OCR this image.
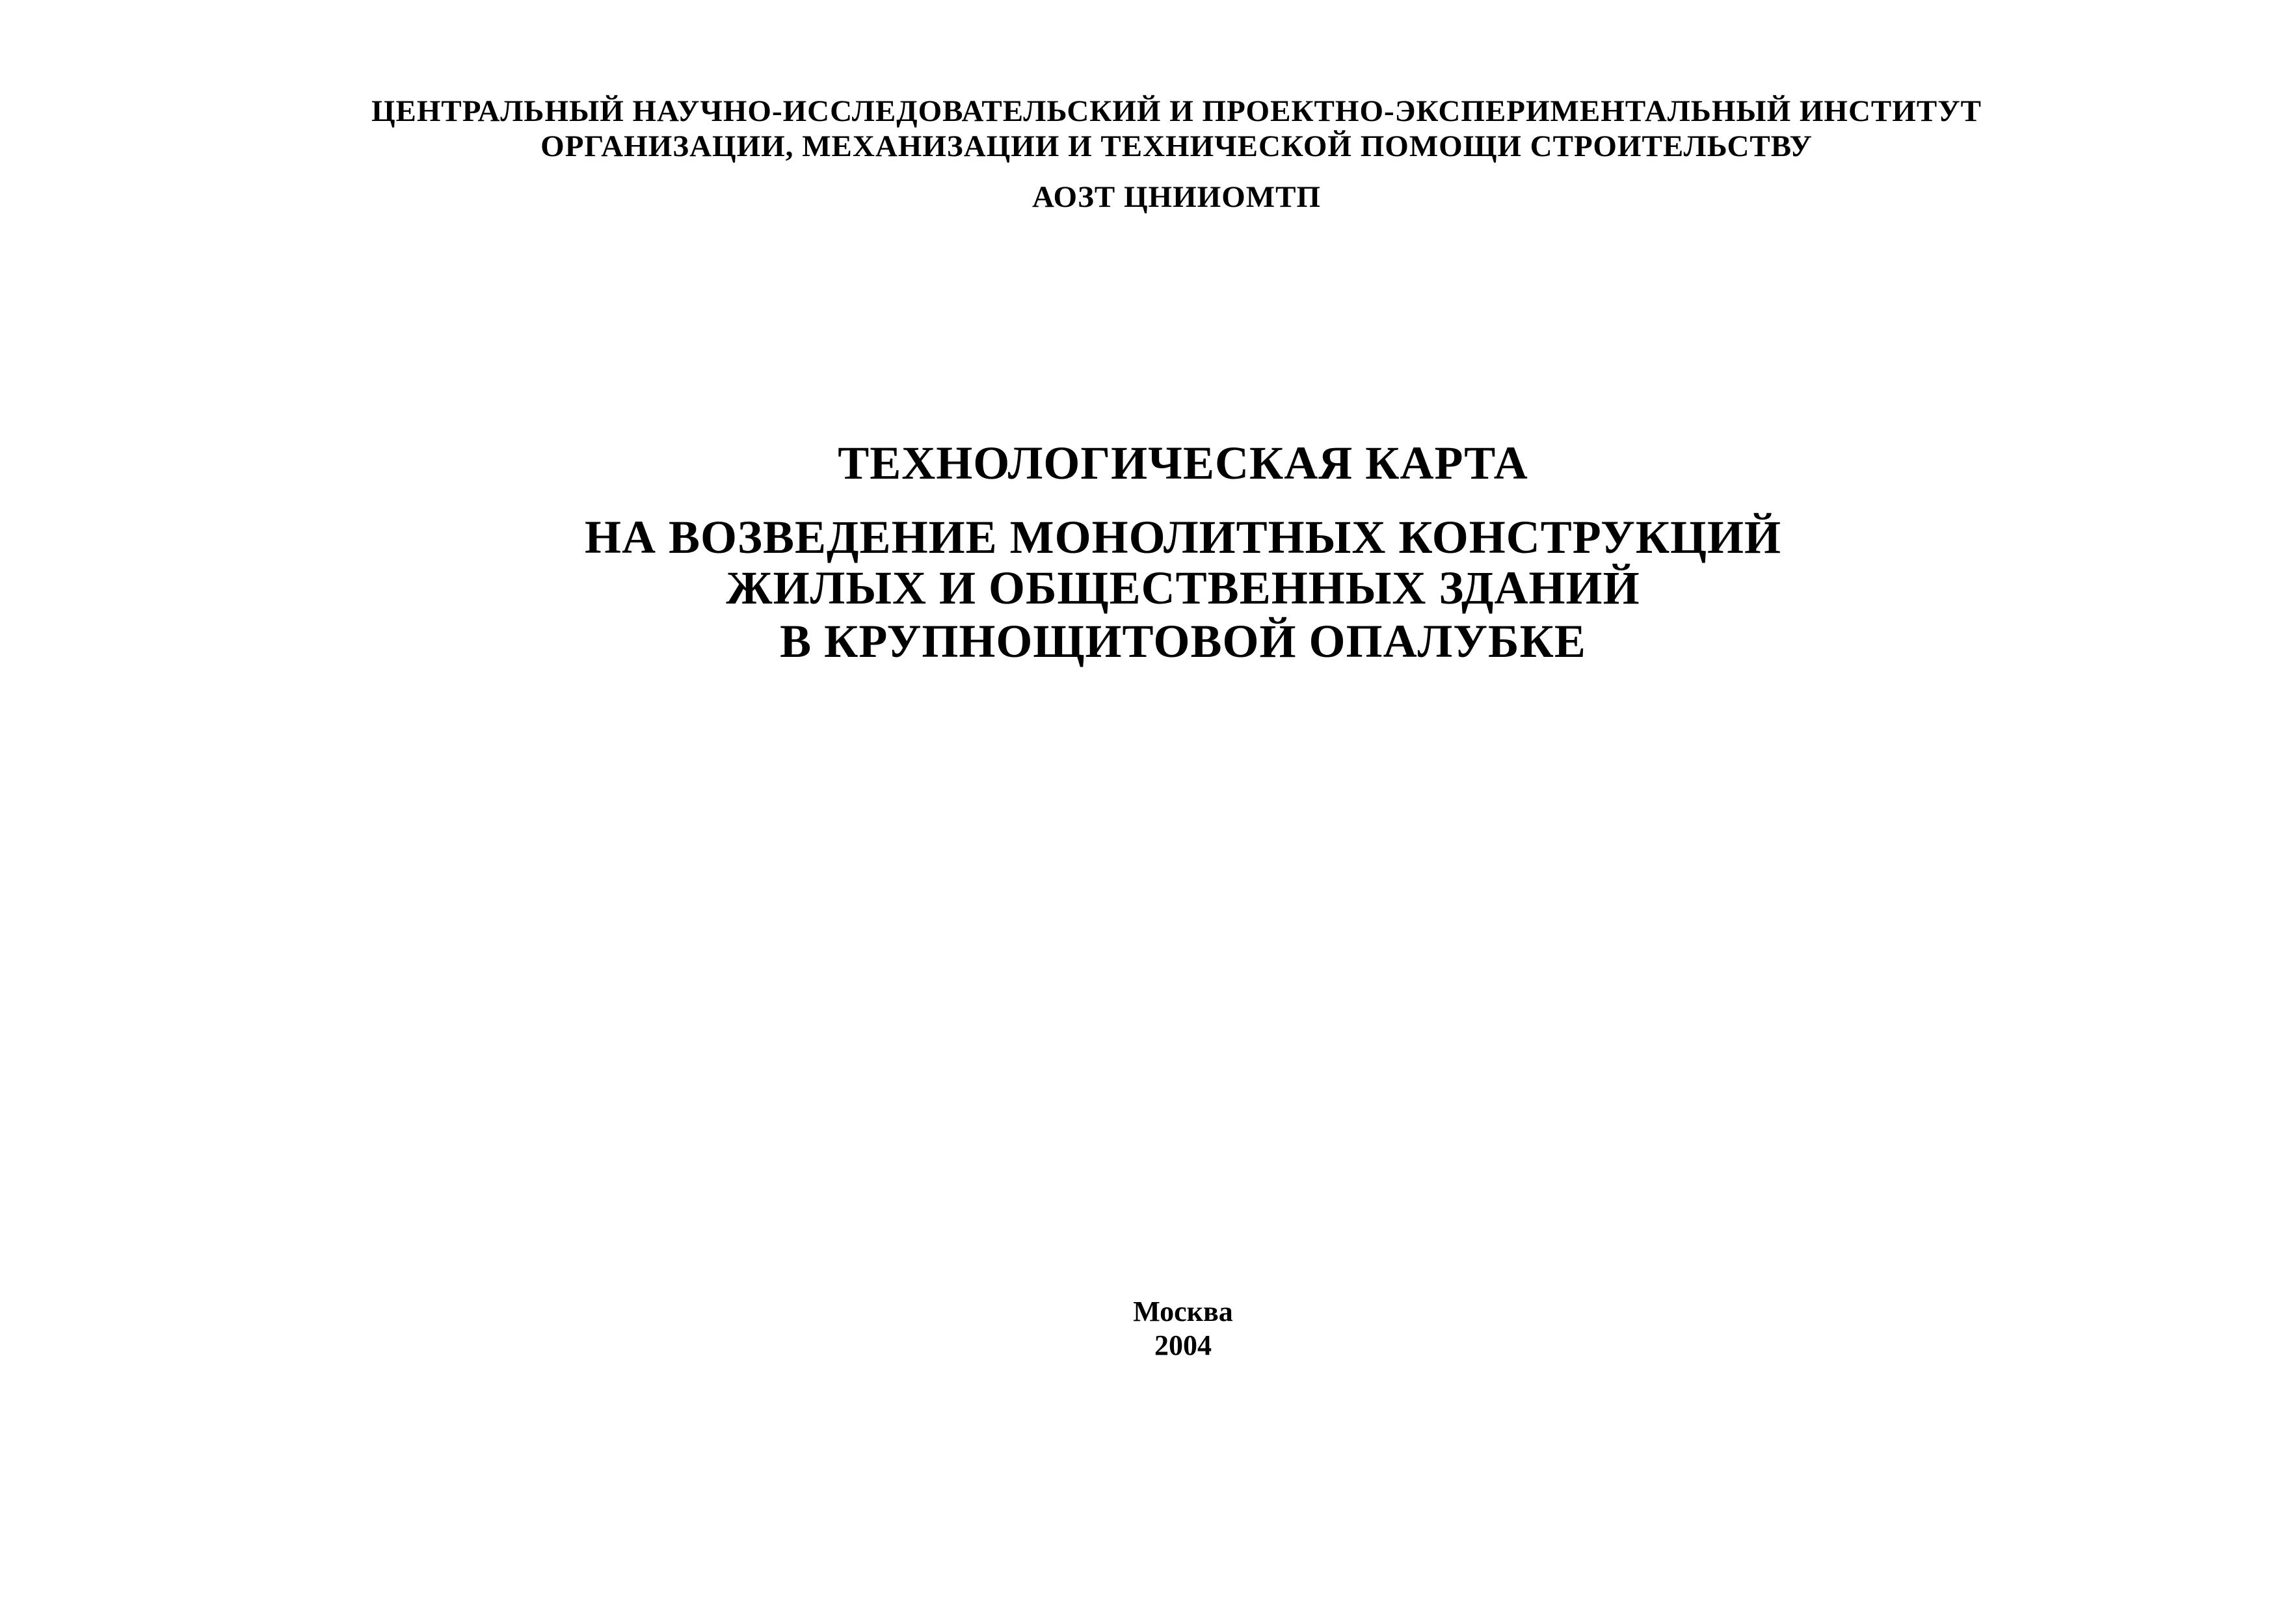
ЦЕНТРАЛЬНЫЙ НАУЧНО-ИССЛЕДОВАТЕЛЬСКИЙ И ПРОЕКТНО-ЭКСПЕРИМЕНТАЛЬНЫЙ ИНСТИТУТ
ОРГАНИЗАЦИИ, МЕХАНИЗАЦИИ И ТЕХНИЧЕСКОЙ ПОМОЩИ СТРОИТЕЛЬСТВУ
АОЗТ ЦНИИОМТП
ТЕХНОЛОГИЧЕСКАЯ КАРТА
НА ВОЗВЕДЕНИЕ МОНОЛИТНЫХ КОНСТРУКЦИЙ
ЖИЛЫХ И ОБЩЕСТВЕННЫХ ЗДАНИЙ
В КРУПНОЩИТОВОЙ ОПАЛУБКЕ
Москва
2004
